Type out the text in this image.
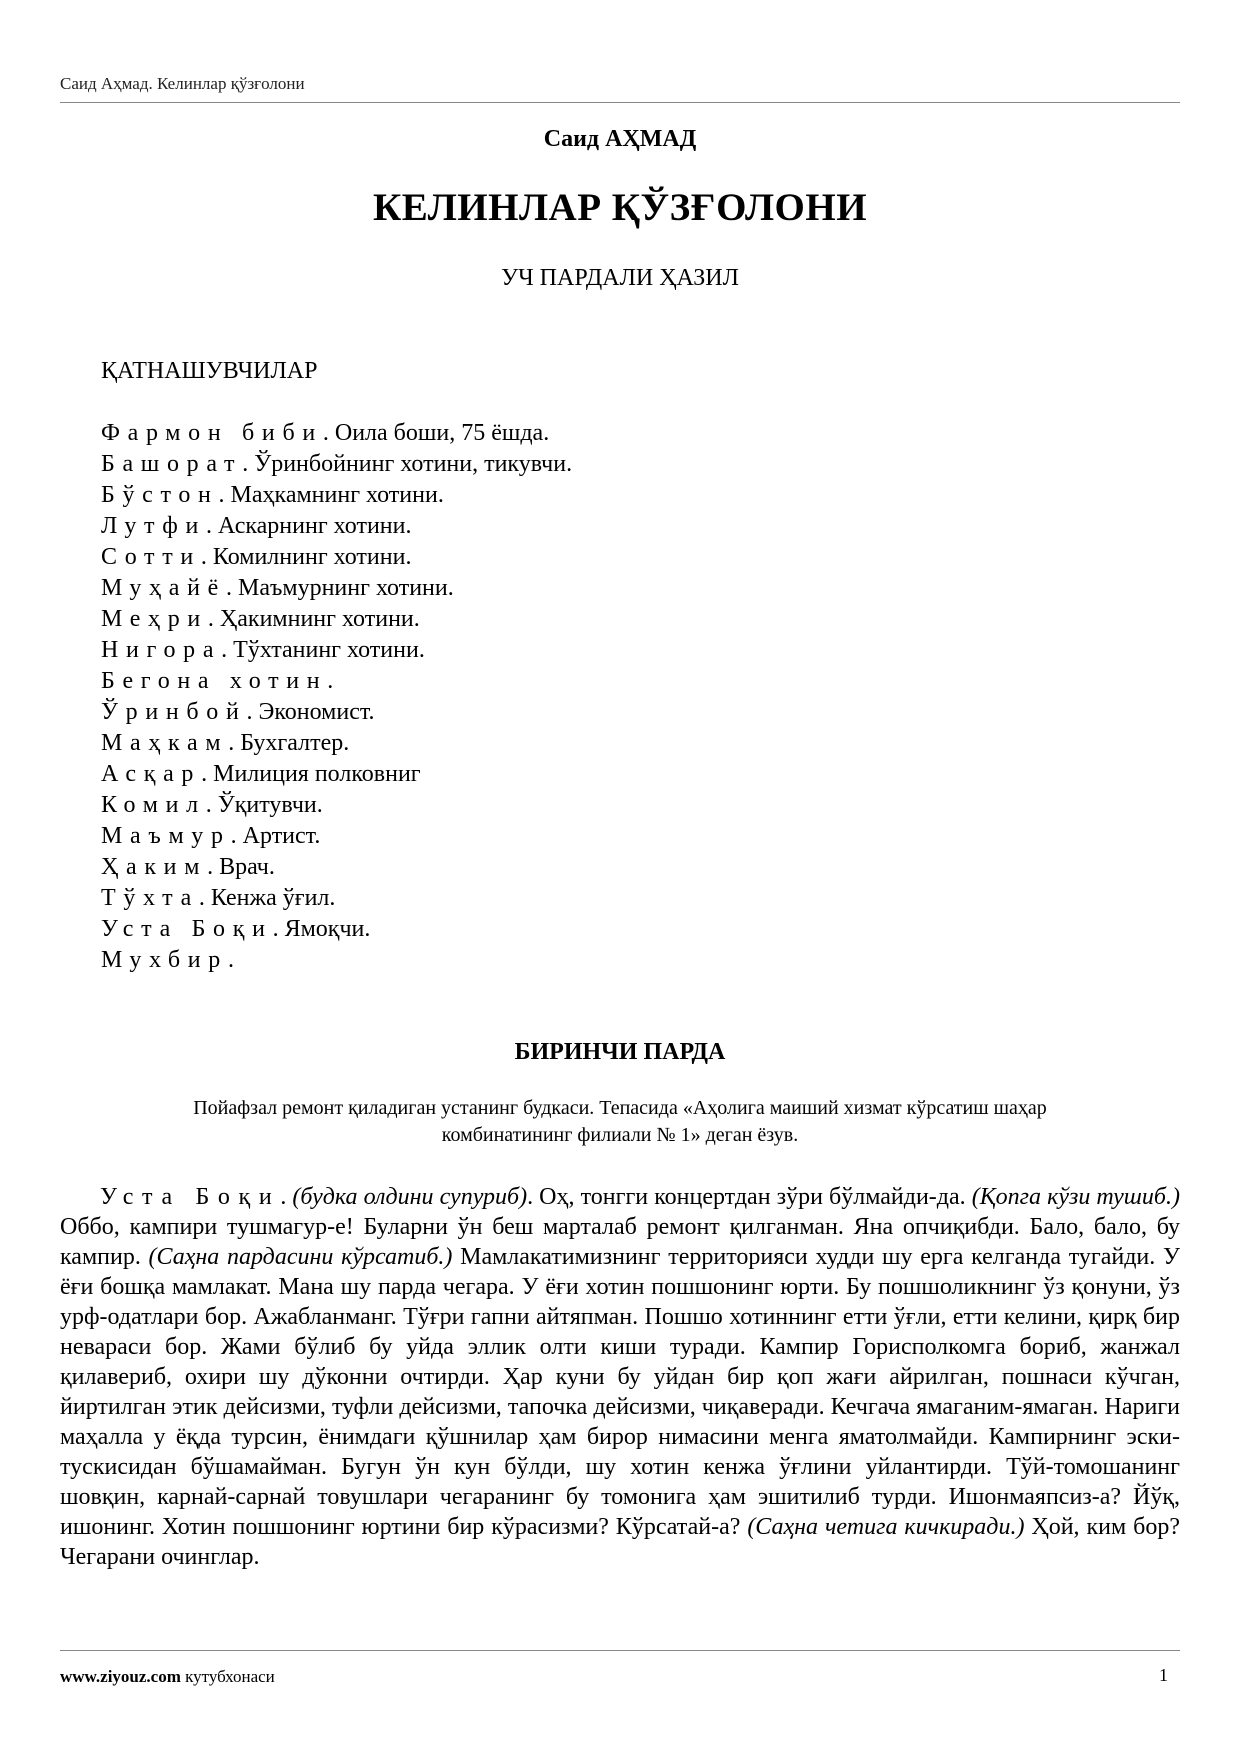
Саид Аҳмад. Келинлар қўзғолони
Саид АҲМАД
КЕЛИНЛАР ҚЎЗҒОЛОНИ
УЧ ПАРДАЛИ ҲАЗИЛ
ҚАТНАШУВЧИЛАР
Фармон биби. Оила боши, 75 ёшда.
Башорат. Ўринбойнинг хотини, тикувчи.
Бўстон. Маҳкамнинг хотини.
Лутфи. Аскарнинг хотини.
Сотти. Комилнинг хотини.
Муҳайё. Маъмурнинг хотини.
Меҳри. Ҳакимнинг хотини.
Нигора. Тўхтанинг хотини.
Бегона хотин.
Ўринбой. Экономист.
Маҳкам. Бухгалтер.
Асқар. Милиция полковниг
Комил. Ўқитувчи.
Маъмур. Артист.
Ҳаким. Врач.
Тўхта. Кенжа ўғил.
Уста Боқи. Ямоқчи.
Мухбир.
БИРИНЧИ ПАРДА
Пойафзал ремонт қиладиган устанинг будкаси. Тепасида «Аҳолига маиший хизмат кўрсатиш шаҳар
комбинатининг филиали № 1» деган ёзув.

Уста Боқи. (будка олдини супуриб). Оҳ, тонгги концертдан зўри бўлмайди-да. (Қопга кўзи тушиб.) Оббо, кампири тушмагур-е! Буларни ўн беш марталаб ремонт қилганман. Яна опчиқибди. Бало, бало, бу кампир. (Саҳна пардасини кўрсатиб.) Мамлакатимизнинг территорияси худди шу ерга келганда тугайди. У ёғи бошқа мамлакат. Мана шу парда чегара. У ёғи хотин пошшонинг юрти. Бу пошшоликнинг ўз қонуни, ўз урф-одатлари бор. Ажабланманг. Тўғри гапни айтяпман. Пошшо хотиннинг етти ўғли, етти келини, қирқ бир невараси бор. Жами бўлиб бу уйда эллик олти киши туради. Кампир Горисполкомга бориб, жанжал қилавериб, охири шу дўконни очтирди. Ҳар куни бу уйдан бир қоп жағи айрилган, пошнаси кўчган, йиртилган этик дейсизми, туфли дейсизми, тапочка дейсизми, чиқаверади. Кечгача ямаганим-ямаган. Нариги маҳалла у ёқда турсин, ёнимдаги қўшнилар ҳам бирор нимасини менга яматолмайди. Кампирнинг эски-тускисидан бўшамайман. Бугун ўн кун бўлди, шу хотин кенжа ўғлини уйлантирди. Тўй-томошанинг шовқин, карнай-сарнай товушлари чегаранинг бу томонига ҳам эшитилиб турди. Ишонмаяпсиз-а? Йўқ, ишонинг. Хотин пошшонинг юртини бир кўрасизми? Кўрсатай-а? (Саҳна четига кичкиради.) Ҳой, ким бор? Чегарани очинглар.

www.ziyouz.com кутубхонаси	1
